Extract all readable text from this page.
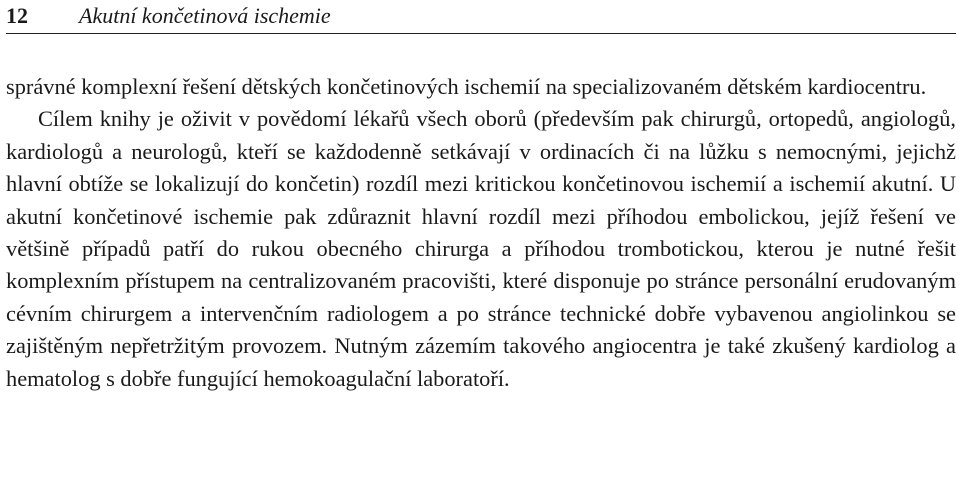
12 Akutní končetinová ischemie

správné komplexní řešení dětských končetinových ischemií na specializovaném dětském kardiocentru.

Cílem knihy je oživit v povědomí lékařů všech oborů (především pak chirurgů, ortopedů, angiologů, kardiologů a neurologů, kteří se každodenně setkávají v ordinacích či na lůžku s nemocnými, jejichž hlavní obtíže se lokalizují do končetin) rozdíl mezi kritickou končetinovou ischemií a ischemií akutní. U akutní končetinové ischemie pak zdůraznit hlavní rozdíl mezi příhodou embolickou, jejíž řešení ve většině případů patří do rukou obecného chirurga a příhodou trombotickou, kterou je nutné řešit komplexním přístupem na centralizovaném pracovišti, které disponuje po stránce personální erudovaným cévním chirurgem a intervenčním radiologem a po stránce technické dobře vybavenou angiolinkou se zajištěným nepřetržitým provozem. Nutným zázemím takového angiocentra je také zkušený kardiolog a hematolog s dobře fungující hemokoagulační laboratoří.
